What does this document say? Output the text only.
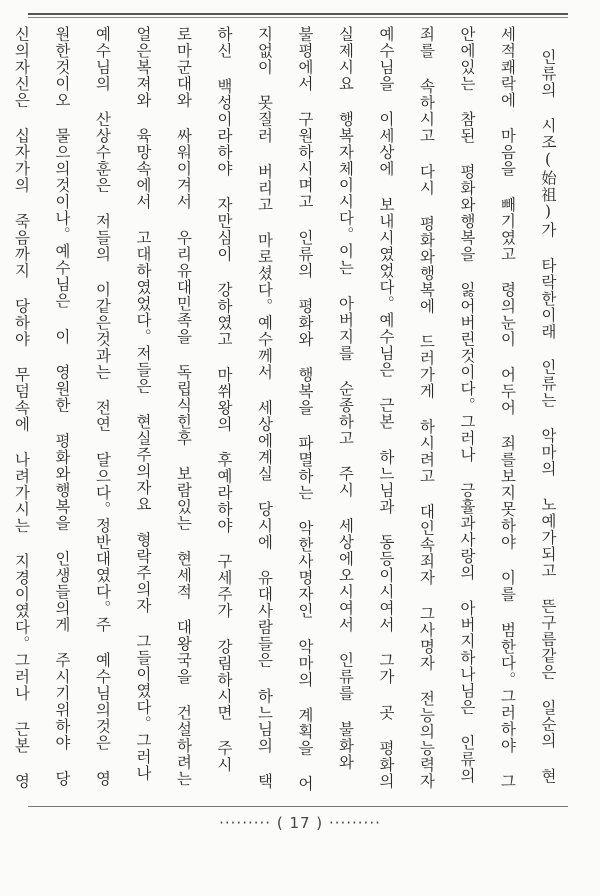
인류의 시조(始祖)가 타락한이래 인류는 악마의 노예가되고 뜬구름같은 일순의 현세적쾌락에 마음을 빼기였고 령의눈이 어두어 죄를보지못하야 이를 범한다。그러하야 그안에있는 참된 평화와행복을 잃어버린것이다。그러나 긍휼과사랑의 아버지하나님은 인류의죄를 속하시고 다시 평화와행복에 드러가게 하시려고 대인속죄자 그사명자 전능의능력자 예수님을 이세상에 보내시였었다。예수님은 근본 하느님과 동등이시여서 그가 곳 평화의 실제시요 행복자체이시다。이는 아버지를 순종하고 주시 세상에오시여서 인류를 불화와 불평에서 구원하시며고 인류의 평화와 행복을 파멸하는 악한사명자인 악마의 계획을 어지없이 못질러 버리고 마로셨다。예수께서 세상에계실 당시에 유대사람들은 하느님의 택하신 백성이라하야 자만심이 강하였고 마쒸왕의 후예라하야 구세주가 강림하시면 주시 로마군대와 싸워이겨서 우리유대민족을 독립식힌후 보람있는 현세적 대왕국을 건설하려는 얼은복져와 육망속에서 고대하였었다。저들은 현실주의자요 형락주의자 그들이였다。그러나 예수님의 산상수훈은 저들의 이같은것과는 전연 달으다。정반대였다。주 예수님의것은 영원한것이오 물으의것이나。예수님은 이 영원한 평화와행복을 인생들의게 주시기위하야 당신의자신은 십자가의 죽음까지 당하야 무덤속에 나려가시는 지경이였다。그러나 근본 영

········· ( 17 ) ·········
